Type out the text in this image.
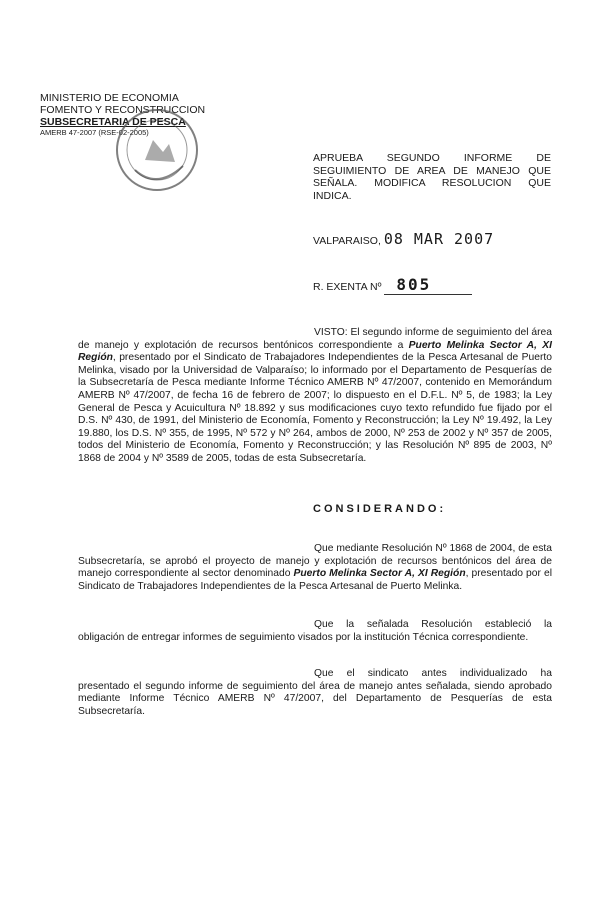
MINISTERIO DE ECONOMIA
FOMENTO Y RECONSTRUCCION
SUBSECRETARIA DE PESCA
AMERB 47-2007 (RSE-02-2005)
APRUEBA SEGUNDO INFORME DE
SEGUIMIENTO DE AREA DE MANEJO QUE
SEÑALA. MODIFICA RESOLUCION QUE
INDICA.
VALPARAISO, 08 MAR 2007
R. EXENTA Nº 805
VISTO: El segundo informe de seguimiento del área de manejo y explotación de recursos bentónicos correspondiente a Puerto Melinka Sector A, XI Región, presentado por el Sindicato de Trabajadores Independientes de la Pesca Artesanal de Puerto Melinka, visado por la Universidad de Valparaíso; lo informado por el Departamento de Pesquerías de la Subsecretaría de Pesca mediante Informe Técnico AMERB Nº 47/2007, contenido en Memorándum AMERB Nº 47/2007, de fecha 16 de febrero de 2007; lo dispuesto en el D.F.L. Nº 5, de 1983; la Ley General de Pesca y Acuicultura Nº 18.892 y sus modificaciones cuyo texto refundido fue fijado por el D.S. Nº 430, de 1991, del Ministerio de Economía, Fomento y Reconstrucción; la Ley Nº 19.492, la Ley 19.880, los D.S. Nº 355, de 1995, Nº 572 y Nº 264, ambos de 2000, Nº 253 de 2002 y Nº 357 de 2005, todos del Ministerio de Economía, Fomento y Reconstrucción; y las Resolución Nº 895 de 2003, Nº 1868 de 2004 y Nº 3589 de 2005, todas de esta Subsecretaría.
CONSIDERANDO:
Que mediante Resolución Nº 1868 de 2004, de esta Subsecretaría, se aprobó el proyecto de manejo y explotación de recursos bentónicos del área de manejo correspondiente al sector denominado Puerto Melinka Sector A, XI Región, presentado por el Sindicato de Trabajadores Independientes de la Pesca Artesanal de Puerto Melinka.
Que la señalada Resolución estableció la obligación de entregar informes de seguimiento visados por la institución Técnica correspondiente.
Que el sindicato antes individualizado ha presentado el segundo informe de seguimiento del área de manejo antes señalada, siendo aprobado mediante Informe Técnico AMERB Nº 47/2007, del Departamento de Pesquerías de esta Subsecretaría.
